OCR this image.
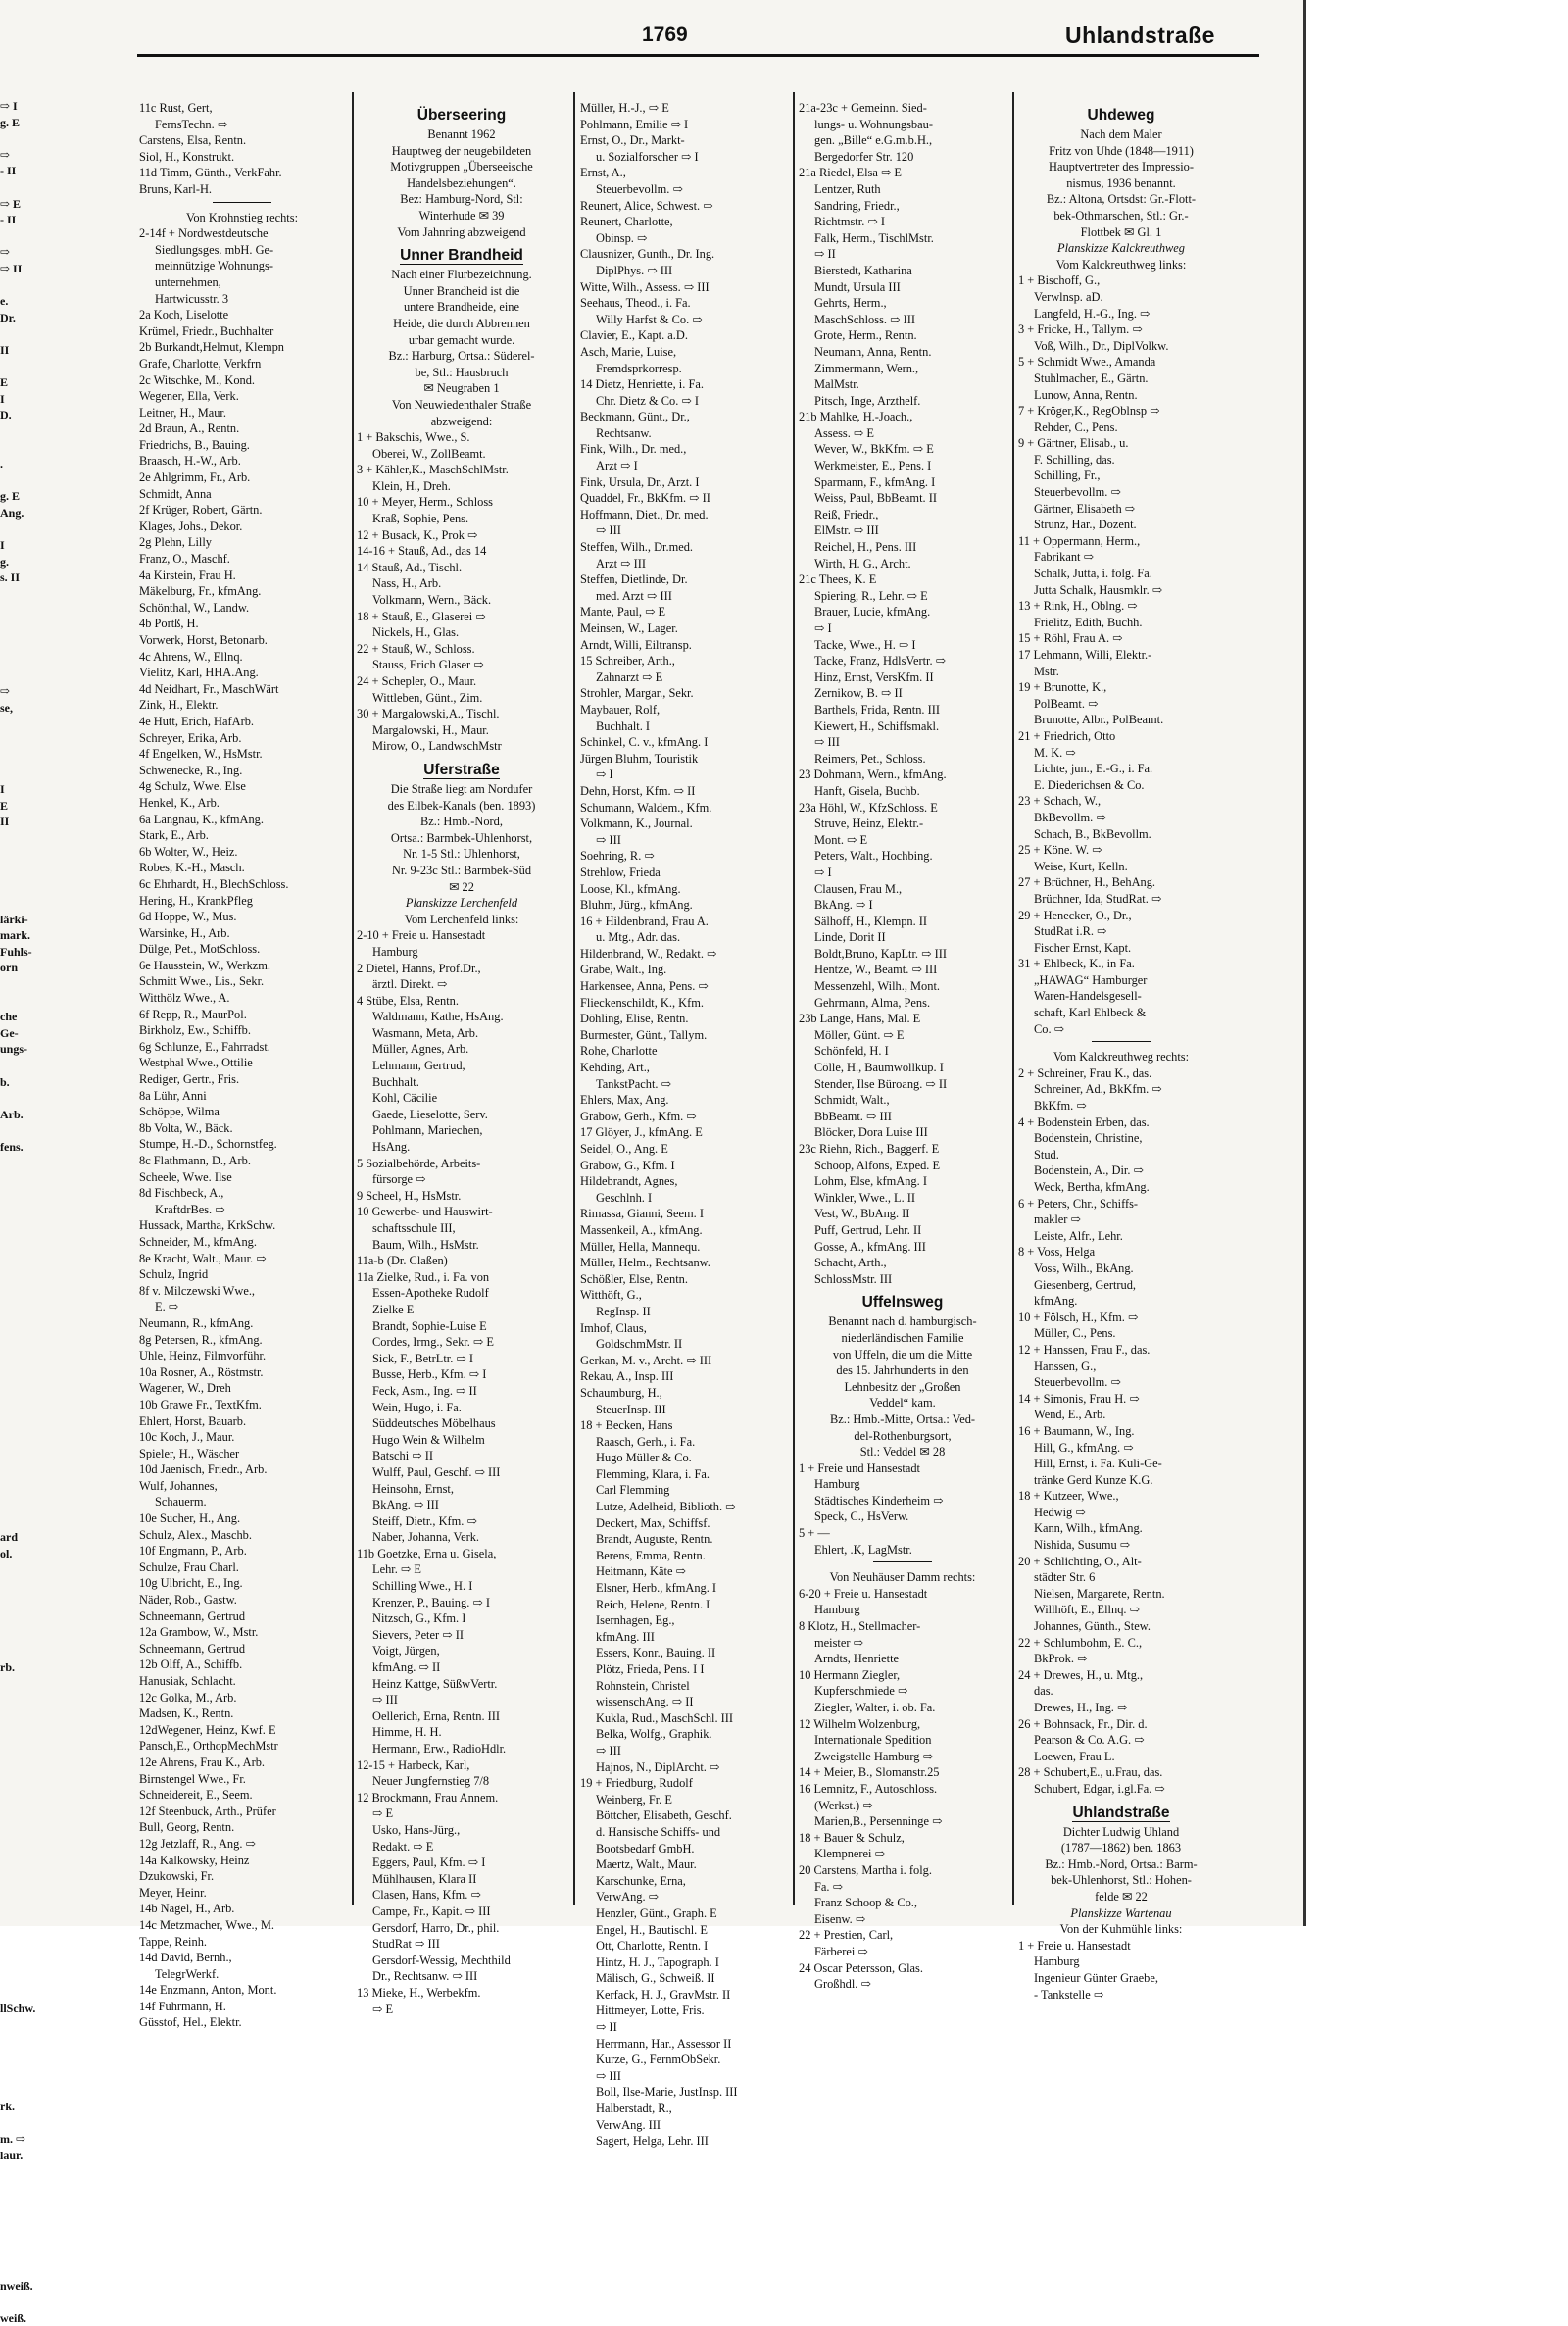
⇨ I
g. E
⇨
- II
⇨ E
- II
⇨
⇨ II
e.
Dr.
II
E
I
D.
.
g. E
Ang.
I
g.
s. II
⇨
se,
I
E
II
lärki-
mark.
Fuhls-
orn
che
Ge-
ungs-
b.
Arb.
fens.
ard
ol.
rb.
llSchw.
rk.
m. ⇨
laur.
nweiß.
weiß.
1769	Uhlandstraße
11c Rust, Gert,
FernsTechn. ⇨
Carstens, Elsa, Rentn.
Siol, H., Konstrukt.
11d Timm, Günth., VerkFahr.
Bruns, Karl-H.
Von Krohnstieg rechts:
2-14f + Nordwestdeutsche
Siedlungsges. mbH. Ge-
meinnützige Wohnungs-
unternehmen,
Hartwicusstr. 3
2a Koch, Liselotte
Krümel, Friedr., Buchhalter
2b Burkandt,Helmut, Klempn
Grafe, Charlotte, Verkfrn
2c Witschke, M., Kond.
Wegener, Ella, Verk.
Leitner, H., Maur.
2d Braun, A., Rentn.
Friedrichs, B., Bauing.
Braasch, H.-W., Arb.
2e Ahlgrimm, Fr., Arb.
Schmidt, Anna
2f Krüger, Robert, Gärtn.
Klages, Johs., Dekor.
2g Plehn, Lilly
Franz, O., Maschf.
4a Kirstein, Frau H.
Mäkelburg, Fr., kfmAng.
Schönthal, W., Landw.
4b Portß, H.
Vorwerk, Horst, Betonarb.
4c Ahrens, W., Ellnq.
Vielitz, Karl, HHA.Ang.
4d Neidhart, Fr., MaschWärt
Zink, H., Elektr.
4e Hutt, Erich, HafArb.
Schreyer, Erika, Arb.
4f Engelken, W., HsMstr.
Schwenecke, R., Ing.
4g Schulz, Wwe. Else
Henkel, K., Arb.
6a Langnau, K., kfmAng.
Stark, E., Arb.
6b Wolter, W., Heiz.
Robes, K.-H., Masch.
6c Ehrhardt, H., BlechSchloss.
Hering, H., KrankPfleg
6d Hoppe, W., Mus.
Warsinke, H., Arb.
Dülge, Pet., MotSchloss.
6e Hausstein, W., Werkzm.
Schmitt Wwe., Lis., Sekr.
Witthölz Wwe., A.
6f Repp, R., MaurPol.
Birkholz, Ew., Schiffb.
6g Schlunze, E., Fahrradst.
Westphal Wwe., Ottilie
Rediger, Gertr., Fris.
8a Lühr, Anni
Schöppe, Wilma
8b Volta, W., Bäck.
Stumpe, H.-D., Schornstfeg.
8c Flathmann, D., Arb.
Scheele, Wwe. Ilse
8d Fischbeck, A.,
KraftdrBes. ⇨
Hussack, Martha, KrkSchw.
Schneider, M., kfmAng.
8e Kracht, Walt., Maur. ⇨
Schulz, Ingrid
8f v. Milczewski Wwe.,
E. ⇨
Neumann, R., kfmAng.
8g Petersen, R., kfmAng.
Uhle, Heinz, Filmvorführ.
10a Rosner, A., Röstmstr.
Wagener, W., Dreh
10b Grawe Fr., TextKfm.
Ehlert, Horst, Bauarb.
10c Koch, J., Maur.
Spieler, H., Wäscher
10d Jaenisch, Friedr., Arb.
Wulf, Johannes,
Schauerm.
10e Sucher, H., Ang.
Schulz, Alex., Maschb.
10f Engmann, P., Arb.
Schulze, Frau Charl.
10g Ulbricht, E., Ing.
Näder, Rob., Gastw.
Schneemann, Gertrud
12a Grambow, W., Mstr.
Schneemann, Gertrud
12b Olff, A., Schiffb.
Hanusiak, Schlacht.
12c Golka, M., Arb.
Madsen, K., Rentn.
12dWegener, Heinz, Kwf. E
Pansch,E., OrthopMechMstr
12e Ahrens, Frau K., Arb.
Birnstengel Wwe., Fr.
Schneidereit, E., Seem.
12f Steenbuck, Arth., Prüfer
Bull, Georg, Rentn.
12g Jetzlaff, R., Ang. ⇨
14a Kalkowsky, Heinz
Dzukowski, Fr.
Meyer, Heinr.
14b Nagel, H., Arb.
14c Metzmacher, Wwe., M.
Tappe, Reinh.
14d David, Bernh.,
TelegrWerkf.
14e Enzmann, Anton, Mont.
14f Fuhrmann, H.
Güsstof, Hel., Elektr.
Überseering
Benannt 1962
Hauptweg der neugebildeten
Motivgruppen „Überseeische
Handelsbeziehungen“.
Bez: Hamburg-Nord, Stl:
Winterhude ✉ 39
Vom Jahnring abzweigend
Unner Brandheid
Nach einer Flurbezeichnung.
Unner Brandheid ist die
untere Brandheide, eine
Heide, die durch Abbrennen
urbar gemacht wurde.
Bz.: Harburg, Ortsa.: Süderel-
be, Stl.: Hausbruch
✉ Neugraben 1
Von Neuwiedenthaler Straße
abzweigend:
1 + Bakschis, Wwe., S.
Oberei, W., ZollBeamt.
3 + Kähler,K., MaschSchlMstr.
Klein, H., Dreh.
10 + Meyer, Herm., Schloss
Kraß, Sophie, Pens.
12 + Busack, K., Prok ⇨
14-16 + Stauß, Ad., das 14
14 Stauß, Ad., Tischl.
Nass, H., Arb.
Volkmann, Wern., Bäck.
18 + Stauß, E., Glaserei ⇨
Nickels, H., Glas.
22 + Stauß, W., Schloss.
Stauss, Erich Glaser ⇨
24 + Schepler, O., Maur.
Wittleben, Günt., Zim.
30 + Margalowski,A., Tischl.
Margalowski, H., Maur.
Mirow, O., LandwschMstr
Uferstraße
Die Straße liegt am Nordufer
des Eilbek-Kanals (ben. 1893)
Bz.: Hmb.-Nord,
Ortsa.: Barmbek-Uhlenhorst,
Nr. 1-5 Stl.: Uhlenhorst,
Nr. 9-23c Stl.: Barmbek-Süd
✉ 22
Planskizze Lerchenfeld
Vom Lerchenfeld links:
2-10 + Freie u. Hansestadt
Hamburg
2 Dietel, Hanns, Prof.Dr.,
ärztl. Direkt. ⇨
4 Stübe, Elsa, Rentn.
Waldmann, Kathe, HsAng.
Wasmann, Meta, Arb.
Müller, Agnes, Arb.
Lehmann, Gertrud,
Buchhalt.
Kohl, Cäcilie
Gaede, Lieselotte, Serv.
Pohlmann, Mariechen,
HsAng.
5 Sozialbehörde, Arbeits-
fürsorge ⇨
9 Scheel, H., HsMstr.
10 Gewerbe- und Hauswirt-
schaftsschule III,
Baum, Wilh., HsMstr.
11a-b (Dr. Claßen)
11a Zielke, Rud., i. Fa. von
Essen-Apotheke Rudolf
Zielke E
Brandt, Sophie-Luise E
Cordes, Irmg., Sekr. ⇨ E
Sick, F., BetrLtr. ⇨ I
Busse, Herb., Kfm. ⇨ I
Feck, Asm., Ing. ⇨ II
Wein, Hugo, i. Fa.
Süddeutsches Möbelhaus
Hugo Wein & Wilhelm
Batschi ⇨ II
Wulff, Paul, Geschf. ⇨ III
Heinsohn, Ernst,
BkAng. ⇨ III
Steiff, Dietr., Kfm. ⇨
Naber, Johanna, Verk.
11b Goetzke, Erna u. Gisela,
Lehr. ⇨ E
Schilling Wwe., H. I
Krenzer, P., Bauing. ⇨ I
Nitzsch, G., Kfm. I
Sievers, Peter ⇨ II
Voigt, Jürgen,
kfmAng. ⇨ II
Heinz Kattge, SüßwVertr.
⇨ III
Oellerich, Erna, Rentn. III
Himme, H. H.
Hermann, Erw., RadioHdlr.
12-15 + Harbeck, Karl,
Neuer Jungfernstieg 7/8
12 Brockmann, Frau Annem.
⇨ E
Usko, Hans-Jürg.,
Redakt. ⇨ E
Eggers, Paul, Kfm. ⇨ I
Mühlhausen, Klara II
Clasen, Hans, Kfm. ⇨
Campe, Fr., Kapit. ⇨ III
Gersdorf, Harro, Dr., phil.
StudRat ⇨ III
Gersdorf-Wessig, Mechthild
Dr., Rechtsanw. ⇨ III
13 Mieke, H., Werbekfm.
⇨ E
Müller, H.-J., ⇨ E
Pohlmann, Emilie ⇨ I
Ernst, O., Dr., Markt-
u. Sozialforscher ⇨ I
Ernst, A.,
Steuerbevollm. ⇨
Reunert, Alice, Schwest. ⇨
Reunert, Charlotte,
Obinsp. ⇨
Clausnizer, Gunth., Dr. Ing.
DiplPhys. ⇨ III
Witte, Wilh., Assess. ⇨ III
Seehaus, Theod., i. Fa.
Willy Harfst & Co. ⇨
Clavier, E., Kapt. a.D.
Asch, Marie, Luise,
Fremdsprkorresp.
14 Dietz, Henriette, i. Fa.
Chr. Dietz & Co. ⇨ I
Beckmann, Günt., Dr.,
Rechtsanw.
Fink, Wilh., Dr. med.,
Arzt ⇨ I
Fink, Ursula, Dr., Arzt. I
Quaddel, Fr., BkKfm. ⇨ II
Hoffmann, Diet., Dr. med.
⇨ III
Steffen, Wilh., Dr.med.
Arzt ⇨ III
Steffen, Dietlinde, Dr.
med. Arzt ⇨ III
Mante, Paul, ⇨ E
Meinsen, W., Lager.
Arndt, Willi, Eiltransp.
15 Schreiber, Arth.,
Zahnarzt ⇨ E
Strohler, Margar., Sekr.
Maybauer, Rolf,
Buchhalt. I
Schinkel, C. v., kfmAng. I
Jürgen Bluhm, Touristik
⇨ I
Dehn, Horst, Kfm. ⇨ II
Schumann, Waldem., Kfm.
Volkmann, K., Journal.
⇨ III
Soehring, R. ⇨
Strehlow, Frieda
Loose, Kl., kfmAng.
Bluhm, Jürg., kfmAng.
16 + Hildenbrand, Frau A.
u. Mtg., Adr. das.
Hildenbrand, W., Redakt. ⇨
Grabe, Walt., Ing.
Harkensee, Anna, Pens. ⇨
Flieckenschildt, K., Kfm.
Döhling, Elise, Rentn.
Burmester, Günt., Tallym.
Rohe, Charlotte
Kehding, Art.,
TankstPacht. ⇨
Ehlers, Max, Ang.
Grabow, Gerh., Kfm. ⇨
17 Glöyer, J., kfmAng. E
Seidel, O., Ang. E
Grabow, G., Kfm. I
Hildebrandt, Agnes,
Geschlnh. I
Rimassa, Gianni, Seem. I
Massenkeil, A., kfmAng.
Müller, Hella, Mannequ.
Müller, Helm., Rechtsanw.
Schößler, Else, Rentn.
Witthöft, G.,
RegInsp. II
Imhof, Claus,
GoldschmMstr. II
Gerkan, M. v., Archt. ⇨ III
Rekau, A., Insp. III
Schaumburg, H.,
SteuerInsp. III
18 + Becken, Hans
Raasch, Gerh., i. Fa.
Hugo Müller & Co.
Flemming, Klara, i. Fa.
Carl Flemming
Lutze, Adelheid, Biblioth. ⇨
Deckert, Max, Schiffsf.
Brandt, Auguste, Rentn.
Berens, Emma, Rentn.
Heitmann, Käte ⇨
Elsner, Herb., kfmAng. I
Reich, Helene, Rentn. I
Isernhagen, Eg.,
kfmAng. III
Essers, Konr., Bauing. II
Plötz, Frieda, Pens. I I
Rohnstein, Christel
wissenschAng. ⇨ II
Kukla, Rud., MaschSchl. III
Belka, Wolfg., Graphik.
⇨ III
Hajnos, N., DiplArcht. ⇨
19 + Friedburg, Rudolf
Weinberg, Fr. E
Böttcher, Elisabeth, Geschf.
d. Hansische Schiffs- und
Bootsbedarf GmbH.
Maertz, Walt., Maur.
Karschunke, Erna,
VerwAng. ⇨
Henzler, Günt., Graph. E
Engel, H., Bautischl. E
Ott, Charlotte, Rentn. I
Hintz, H. J., Tapograph. I
Mälisch, G., Schweiß. II
Kerfack, H. J., GravMstr. II
Hittmeyer, Lotte, Fris.
⇨ II
Herrmann, Har., Assessor II
Kurze, G., FernmObSekr.
⇨ III
Boll, Ilse-Marie, JustInsp. III
Halberstadt, R.,
VerwAng. III
Sagert, Helga, Lehr. III
21a-23c + Gemeinn. Sied-
lungs- u. Wohnungsbau-
gen. „Bille“ e.G.m.b.H.,
Bergedorfer Str. 120
21a Riedel, Elsa ⇨ E
Lentzer, Ruth
Sandring, Friedr.,
Richtmstr. ⇨ I
Falk, Herm., TischlMstr.
⇨ II
Bierstedt, Katharina
Mundt, Ursula III
Gehrts, Herm.,
MaschSchloss. ⇨ III
Grote, Herm., Rentn.
Neumann, Anna, Rentn.
Zimmermann, Wern.,
MalMstr.
Pitsch, Inge, Arzthelf.
21b Mahlke, H.-Joach.,
Assess. ⇨ E
Wever, W., BkKfm. ⇨ E
Werkmeister, E., Pens. I
Sparmann, F., kfmAng. I
Weiss, Paul, BbBeamt. II
Reiß, Friedr.,
ElMstr. ⇨ III
Reichel, H., Pens. III
Wirth, H. G., Archt.
21c Thees, K. E
Spiering, R., Lehr. ⇨ E
Brauer, Lucie, kfmAng.
⇨ I
Tacke, Wwe., H. ⇨ I
Tacke, Franz, HdlsVertr. ⇨
Hinz, Ernst, VersKfm. II
Zernikow, B. ⇨ II
Barthels, Frida, Rentn. III
Kiewert, H., Schiffsmakl.
⇨ III
Reimers, Pet., Schloss.
23 Dohmann, Wern., kfmAng.
Hanft, Gisela, Buchb.
23a Höhl, W., KfzSchloss. E
Struve, Heinz, Elektr.-
Mont. ⇨ E
Peters, Walt., Hochbing.
⇨ I
Clausen, Frau M.,
BkAng. ⇨ I
Sälhoff, H., Klempn. II
Linde, Dorit II
Boldt,Bruno, KapLtr. ⇨ III
Hentze, W., Beamt. ⇨ III
Messenzehl, Wilh., Mont.
Gehrmann, Alma, Pens.
23b Lange, Hans, Mal. E
Möller, Günt. ⇨ E
Schönfeld, H. I
Cölle, H., Baumwollküp. I
Stender, Ilse Büroang. ⇨ II
Schmidt, Walt.,
BbBeamt. ⇨ III
Blöcker, Dora Luise III
23c Riehn, Rich., Baggerf. E
Schoop, Alfons, Exped. E
Lohm, Else, kfmAng. I
Winkler, Wwe., L. II
Vest, W., BbAng. II
Puff, Gertrud, Lehr. II
Gosse, A., kfmAng. III
Schacht, Arth.,
SchlossMstr. III
Uffelnsweg
Benannt nach d. hamburgisch-
niederländischen Familie
von Uffeln, die um die Mitte
des 15. Jahrhunderts in den
Lehnbesitz der „Großen
Veddel“ kam.
Bz.: Hmb.-Mitte, Ortsa.: Ved-
del-Rothenburgsort,
Stl.: Veddel ✉ 28
1 + Freie und Hansestadt
Hamburg
Städtisches Kinderheim ⇨
Speck, C., HsVerw.
5 + —
Ehlert, .K, LagMstr.
Von Neuhäuser Damm rechts:
6-20 + Freie u. Hansestadt
Hamburg
8 Klotz, H., Stellmacher-
meister ⇨
Arndts, Henriette
10 Hermann Ziegler,
Kupferschmiede ⇨
Ziegler, Walter, i. ob. Fa.
12 Wilhelm Wolzenburg,
Internationale Spedition
Zweigstelle Hamburg ⇨
14 + Meier, B., Slomanstr.25
16 Lemnitz, F., Autoschloss.
(Werkst.) ⇨
Marien,B., Persenninge ⇨
18 + Bauer & Schulz,
Klempnerei ⇨
20 Carstens, Martha i. folg.
Fa. ⇨
Franz Schoop & Co.,
Eisenw. ⇨
22 + Prestien, Carl,
Färberei ⇨
24 Oscar Petersson, Glas.
Großhdl. ⇨
Uhdeweg
Nach dem Maler
Fritz von Uhde (1848—1911)
Hauptvertreter des Impressio-
nismus, 1936 benannt.
Bz.: Altona, Ortsdst: Gr.-Flott-
bek-Othmarschen, Stl.: Gr.-
Flottbek ✉ Gl. 1
Planskizze Kalckreuthweg
Vom Kalckreuthweg links:
1 + Bischoff, G.,
Verwlnsp. aD.
Langfeld, H.-G., Ing. ⇨
3 + Fricke, H., Tallym. ⇨
Voß, Wilh., Dr., DiplVolkw.
5 + Schmidt Wwe., Amanda
Stuhlmacher, E., Gärtn.
Lunow, Anna, Rentn.
7 + Kröger,K., RegOblnsp ⇨
Rehder, C., Pens.
9 + Gärtner, Elisab., u.
F. Schilling, das.
Schilling, Fr.,
Steuerbevollm. ⇨
Gärtner, Elisabeth ⇨
Strunz, Har., Dozent.
11 + Oppermann, Herm.,
Fabrikant ⇨
Schalk, Jutta, i. folg. Fa.
Jutta Schalk, Hausmklr. ⇨
13 + Rink, H., Oblng. ⇨
Frielitz, Edith, Buchh.
15 + Röhl, Frau A. ⇨
17 Lehmann, Willi, Elektr.-
Mstr.
19 + Brunotte, K.,
PolBeamt. ⇨
Brunotte, Albr., PolBeamt.
21 + Friedrich, Otto
M. K. ⇨
Lichte, jun., E.-G., i. Fa.
E. Diederichsen & Co.
23 + Schach, W.,
BkBevollm. ⇨
Schach, B., BkBevollm.
25 + Köne. W. ⇨
Weise, Kurt, Kelln.
27 + Brüchner, H., BehAng.
Brüchner, Ida, StudRat. ⇨
29 + Henecker, O., Dr.,
StudRat i.R. ⇨
Fischer Ernst, Kapt.
31 + Ehlbeck, K., in Fa.
„HAWAG“ Hamburger
Waren-Handelsgesell-
schaft, Karl Ehlbeck &
Co. ⇨
Vom Kalckreuthweg rechts:
2 + Schreiner, Frau K., das.
Schreiner, Ad., BkKfm. ⇨
BkKfm. ⇨
4 + Bodenstein Erben, das.
Bodenstein, Christine,
Stud.
Bodenstein, A., Dir. ⇨
Weck, Bertha, kfmAng.
6 + Peters, Chr., Schiffs-
makler ⇨
Leiste, Alfr., Lehr.
8 + Voss, Helga
Voss, Wilh., BkAng.
Giesenberg, Gertrud,
kfmAng.
10 + Fölsch, H., Kfm. ⇨
Müller, C., Pens.
12 + Hanssen, Frau F., das.
Hanssen, G.,
Steuerbevollm. ⇨
14 + Simonis, Frau H. ⇨
Wend, E., Arb.
16 + Baumann, W., Ing.
Hill, G., kfmAng. ⇨
Hill, Ernst, i. Fa. Kuli-Ge-
tränke Gerd Kunze K.G.
18 + Kutzeer, Wwe.,
Hedwig ⇨
Kann, Wilh., kfmAng.
Nishida, Susumu ⇨
20 + Schlichting, O., Alt-
städter Str. 6
Nielsen, Margarete, Rentn.
Willhöft, E., Ellnq. ⇨
Johannes, Günth., Stew.
22 + Schlumbohm, E. C.,
BkProk. ⇨
24 + Drewes, H., u. Mtg.,
das.
Drewes, H., Ing. ⇨
26 + Bohnsack, Fr., Dir. d.
Pearson & Co. A.G. ⇨
Loewen, Frau L.
28 + Schubert,E., u.Frau, das.
Schubert, Edgar, i.gl.Fa. ⇨
Uhlandstraße
Dichter Ludwig Uhland
(1787—1862) ben. 1863
Bz.: Hmb.-Nord, Ortsa.: Barm-
bek-Uhlenhorst, Stl.: Hohen-
felde ✉ 22
Planskizze Wartenau
Von der Kuhmühle links:
1 + Freie u. Hansestadt
Hamburg
Ingenieur Günter Graebe,
- Tankstelle ⇨
